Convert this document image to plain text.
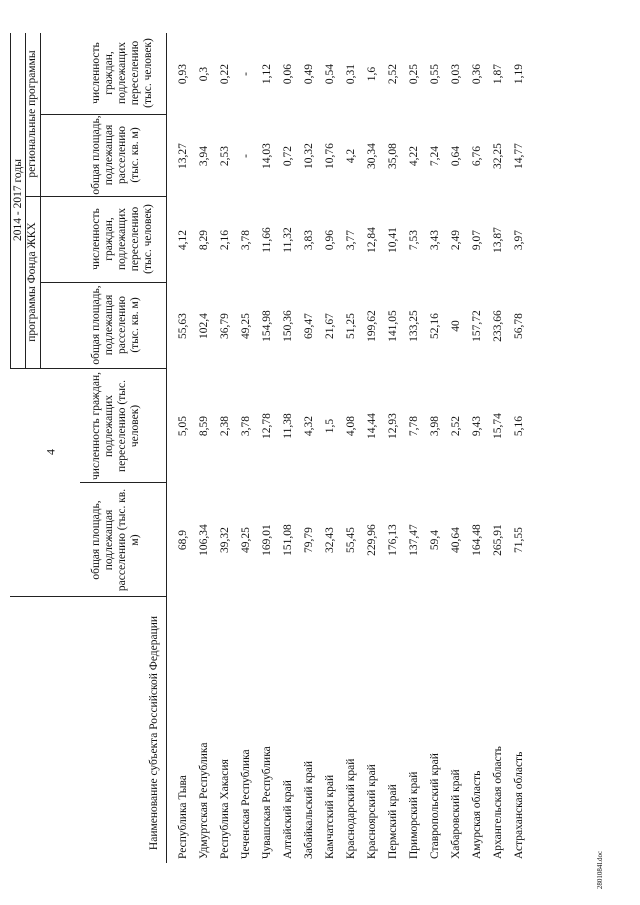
4
2801084l.doc
Наименование субъекта Российской Федерации
общая площадь, подлежащая расселению (тыс. кв. м)
численность граждан, подлежащих переселению (тыс. человек)
2014 - 2017 годы
программы Фонда ЖКХ
региональные программы
общая площадь, подлежащая расселению (тыс. кв. м)
численность граждан, подлежащих переселению (тыс. человек)
общая площадь, подлежащая расселению (тыс. кв. м)
численность граждан, подлежащих переселению (тыс. человек)
Республика Тыва
68,9
5,05
55,63
4,12
13,27
0,93
Удмуртская Республика
106,34
8,59
102,4
8,29
3,94
0,3
Республика Хакасия
39,32
2,38
36,79
2,16
2,53
0,22
Чеченская Республика
49,25
3,78
49,25
3,78
-
-
Чувашская Республика
169,01
12,78
154,98
11,66
14,03
1,12
Алтайский край
151,08
11,38
150,36
11,32
0,72
0,06
Забайкальский край
79,79
4,32
69,47
3,83
10,32
0,49
Камчатский край
32,43
1,5
21,67
0,96
10,76
0,54
Краснодарский край
55,45
4,08
51,25
3,77
4,2
0,31
Красноярский край
229,96
14,44
199,62
12,84
30,34
1,6
Пермский край
176,13
12,93
141,05
10,41
35,08
2,52
Приморский край
137,47
7,78
133,25
7,53
4,22
0,25
Ставропольский край
59,4
3,98
52,16
3,43
7,24
0,55
Хабаровский край
40,64
2,52
40
2,49
0,64
0,03
Амурская область
164,48
9,43
157,72
9,07
6,76
0,36
Архангельская область
265,91
15,74
233,66
13,87
32,25
1,87
Астраханская область
71,55
5,16
56,78
3,97
14,77
1,19
